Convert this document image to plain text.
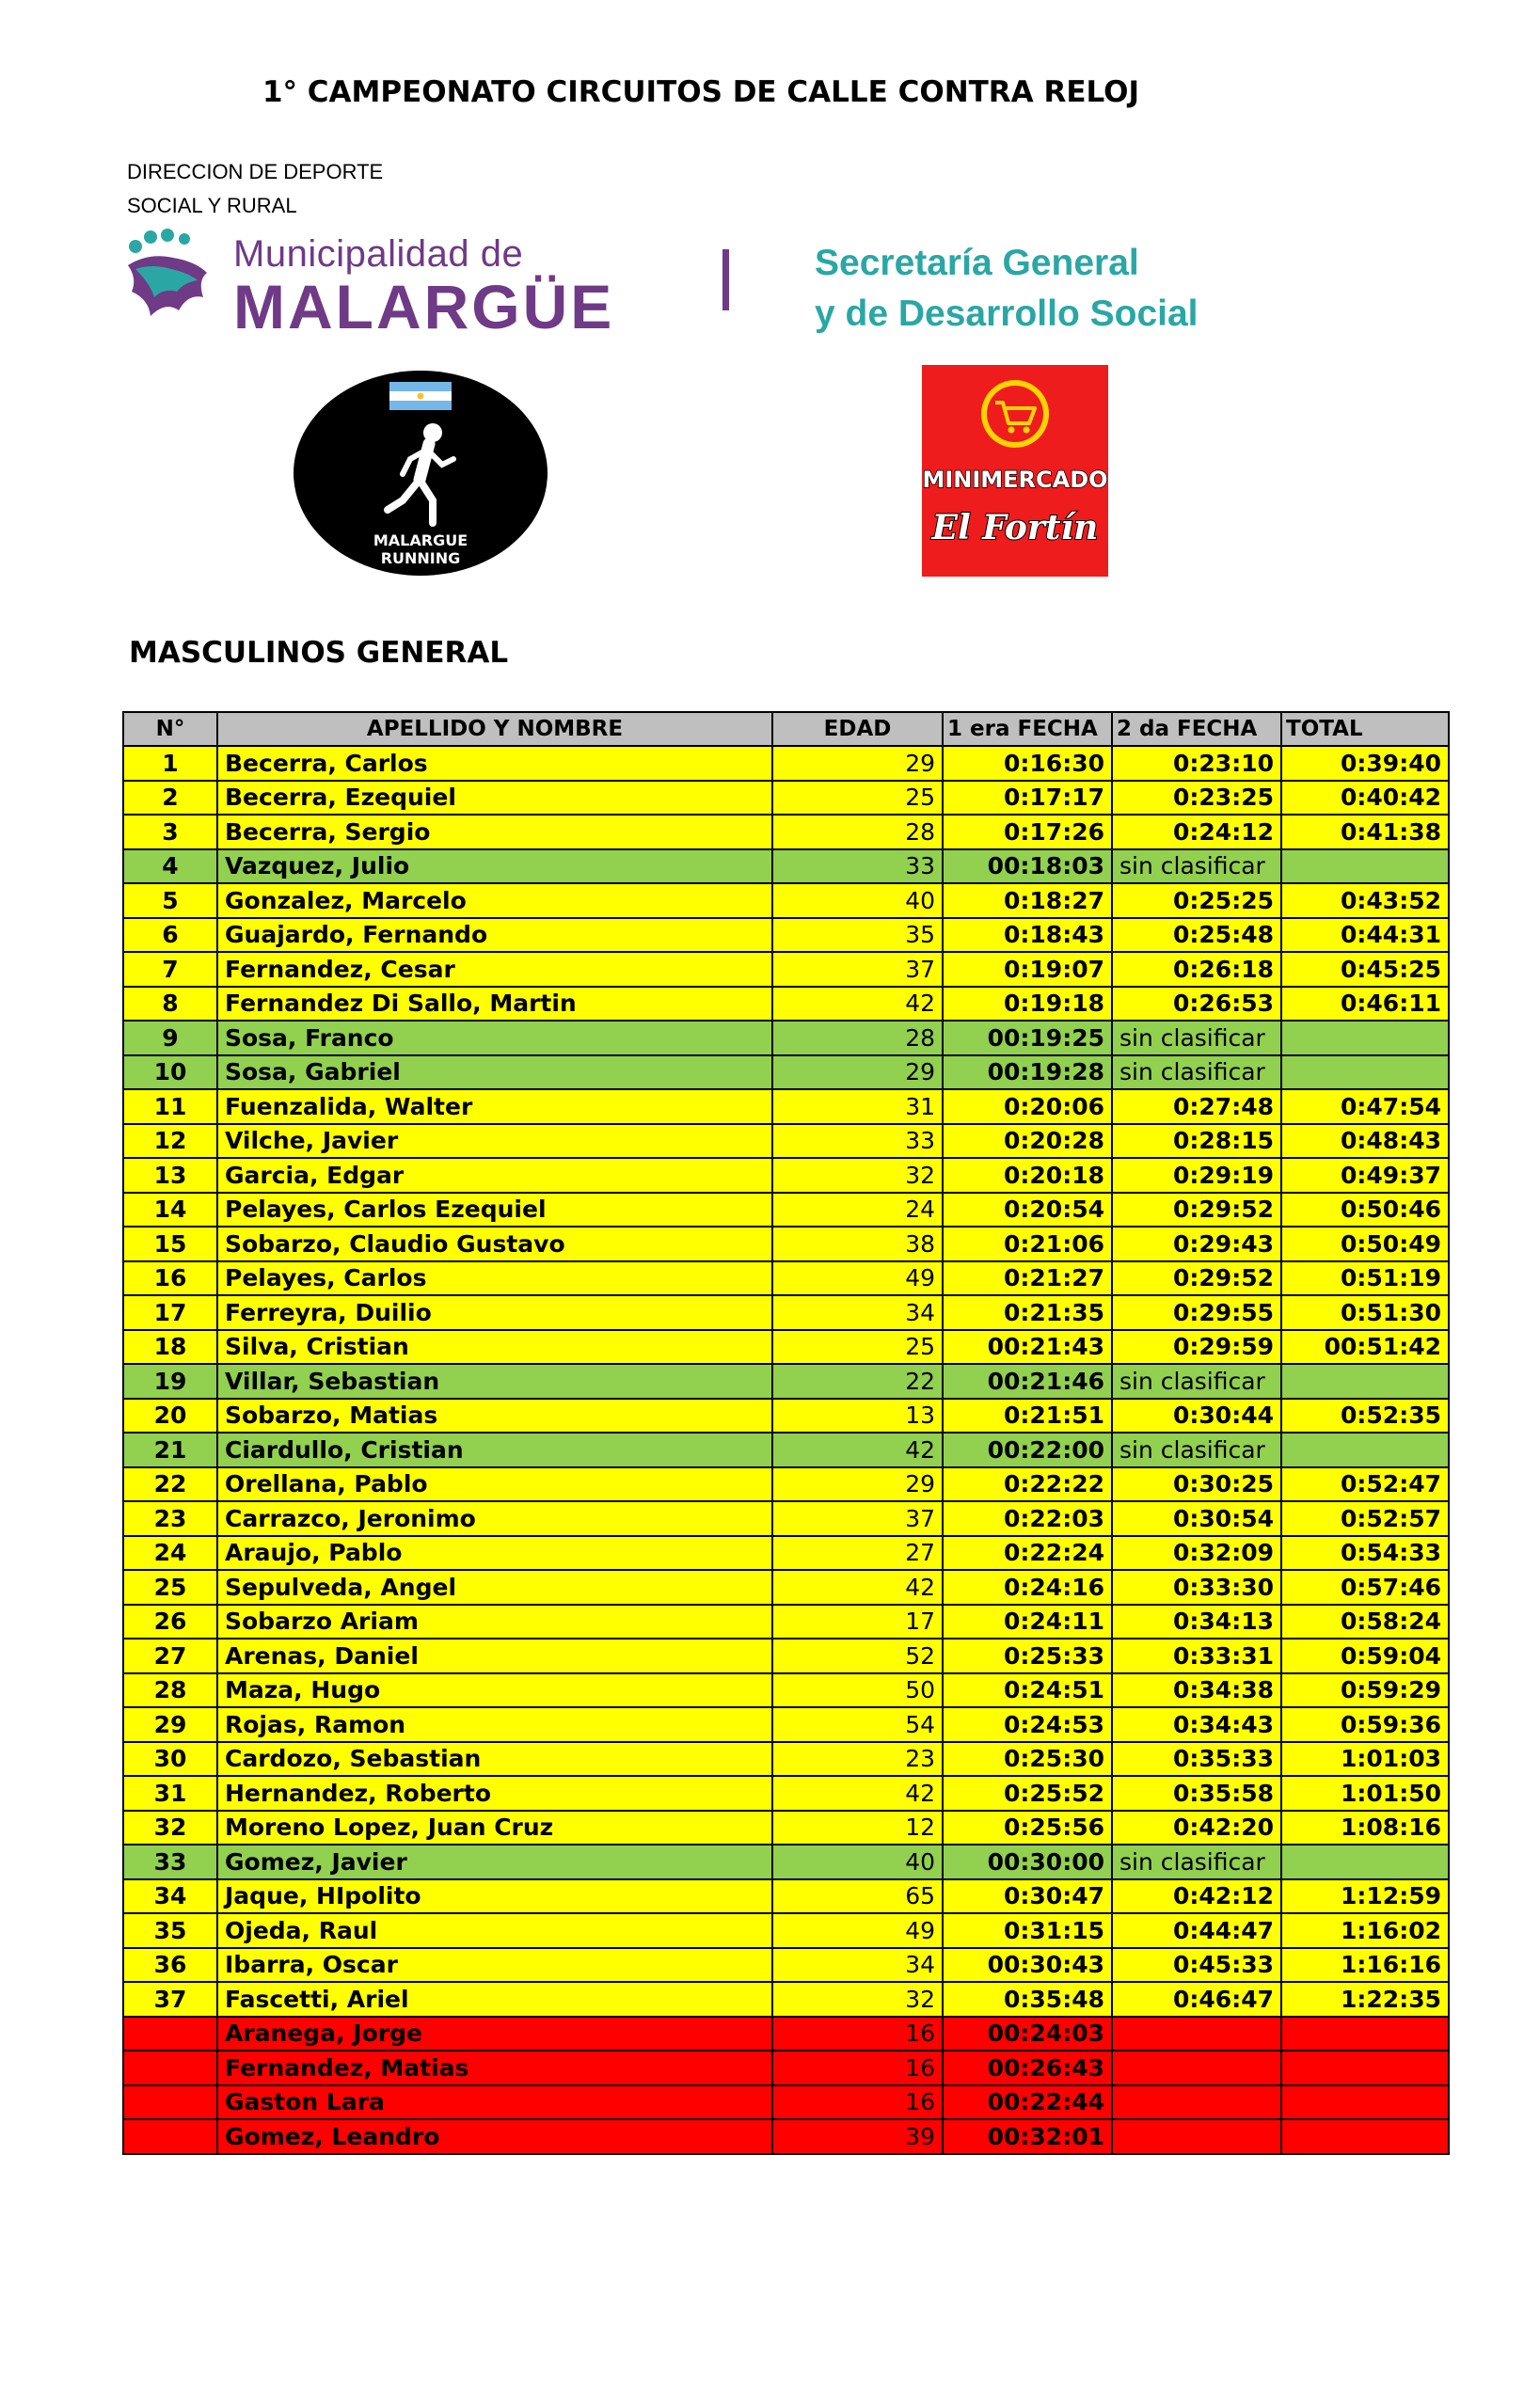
1° CAMPEONATO CIRCUITOS DE CALLE CONTRA RELOJ
DIRECCION DE DEPORTE
SOCIAL Y RURAL
Municipalidad de
MALARGÜE
Secretaría General
y de Desarrollo Social
MALARGUE
RUNNING
MINIMERCADO
El Fortín
MASCULINOS GENERAL
N°	APELLIDO Y NOMBRE	EDAD	1 era FECHA	2 da FECHA	TOTAL
1	Becerra, Carlos	29	0:16:30	0:23:10	0:39:40
2	Becerra, Ezequiel	25	0:17:17	0:23:25	0:40:42
3	Becerra, Sergio	28	0:17:26	0:24:12	0:41:38
4	Vazquez, Julio	33	00:18:03	sin clasificar	
5	Gonzalez, Marcelo	40	0:18:27	0:25:25	0:43:52
6	Guajardo, Fernando	35	0:18:43	0:25:48	0:44:31
7	Fernandez, Cesar	37	0:19:07	0:26:18	0:45:25
8	Fernandez Di Sallo, Martin	42	0:19:18	0:26:53	0:46:11
9	Sosa, Franco	28	00:19:25	sin clasificar	
10	Sosa, Gabriel	29	00:19:28	sin clasificar	
11	Fuenzalida, Walter	31	0:20:06	0:27:48	0:47:54
12	Vilche, Javier	33	0:20:28	0:28:15	0:48:43
13	Garcia, Edgar	32	0:20:18	0:29:19	0:49:37
14	Pelayes, Carlos Ezequiel	24	0:20:54	0:29:52	0:50:46
15	Sobarzo, Claudio Gustavo	38	0:21:06	0:29:43	0:50:49
16	Pelayes, Carlos	49	0:21:27	0:29:52	0:51:19
17	Ferreyra, Duilio	34	0:21:35	0:29:55	0:51:30
18	Silva, Cristian	25	00:21:43	0:29:59	00:51:42
19	Villar, Sebastian	22	00:21:46	sin clasificar	
20	Sobarzo, Matias	13	0:21:51	0:30:44	0:52:35
21	Ciardullo, Cristian	42	00:22:00	sin clasificar	
22	Orellana, Pablo	29	0:22:22	0:30:25	0:52:47
23	Carrazco, Jeronimo	37	0:22:03	0:30:54	0:52:57
24	Araujo, Pablo	27	0:22:24	0:32:09	0:54:33
25	Sepulveda, Angel	42	0:24:16	0:33:30	0:57:46
26	Sobarzo Ariam	17	0:24:11	0:34:13	0:58:24
27	Arenas, Daniel	52	0:25:33	0:33:31	0:59:04
28	Maza, Hugo	50	0:24:51	0:34:38	0:59:29
29	Rojas, Ramon	54	0:24:53	0:34:43	0:59:36
30	Cardozo, Sebastian	23	0:25:30	0:35:33	1:01:03
31	Hernandez, Roberto	42	0:25:52	0:35:58	1:01:50
32	Moreno Lopez, Juan Cruz	12	0:25:56	0:42:20	1:08:16
33	Gomez, Javier	40	00:30:00	sin clasificar	
34	Jaque, HIpolito	65	0:30:47	0:42:12	1:12:59
35	Ojeda, Raul	49	0:31:15	0:44:47	1:16:02
36	Ibarra, Oscar	34	00:30:43	0:45:33	1:16:16
37	Fascetti, Ariel	32	0:35:48	0:46:47	1:22:35
	Aranega, Jorge	16	00:24:03		
	Fernandez, Matias	16	00:26:43		
	Gaston Lara	16	00:22:44		
	Gomez, Leandro	39	00:32:01		
